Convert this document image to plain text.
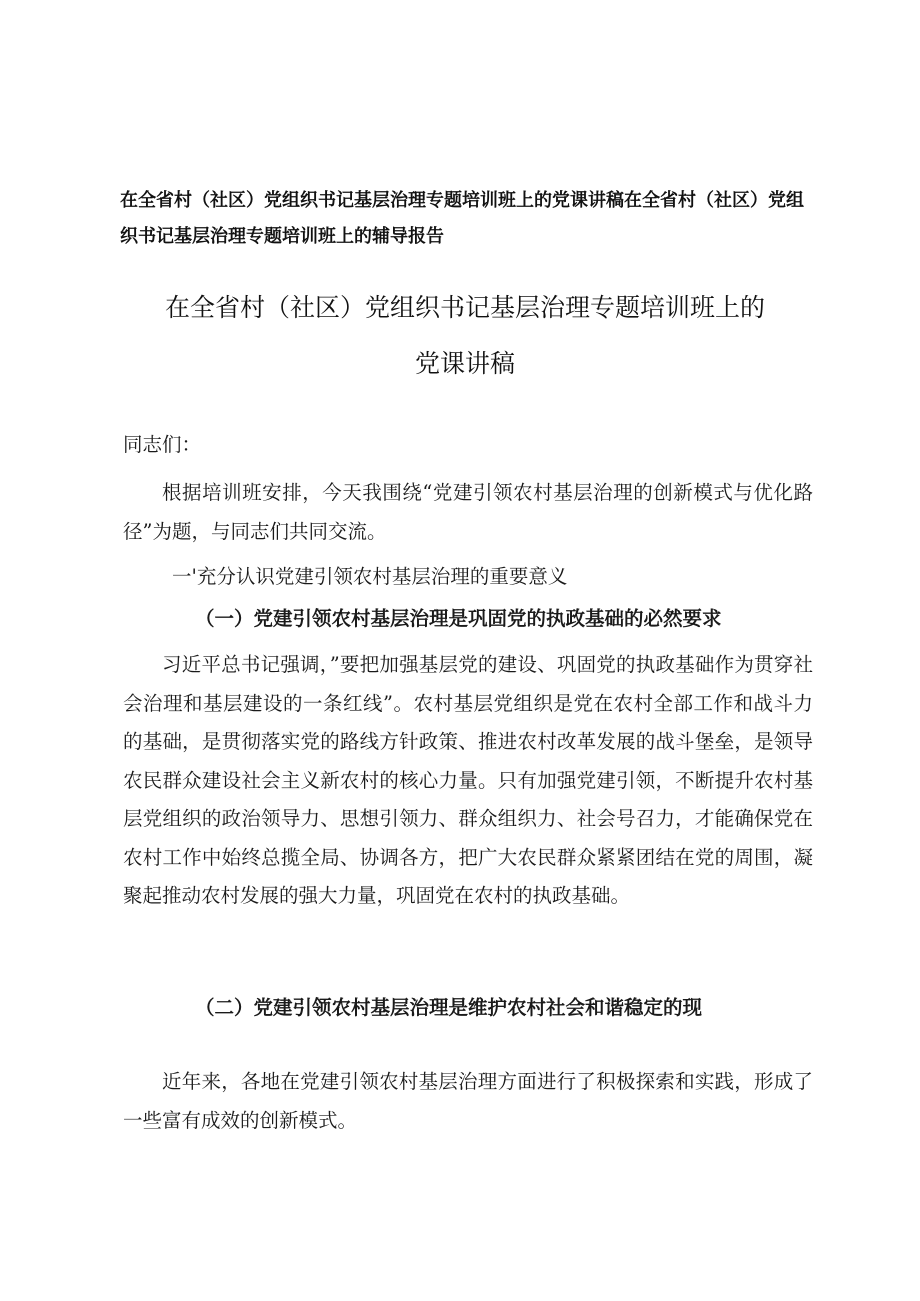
在全省村（社区）党组织书记基层治理专题培训班上的党课讲稿在全省村（社区）党组织书记基层治理专题培训班上的辅导报告
在全省村（社区）党组织书记基层治理专题培训班上的
党课讲稿
同志们：

根据培训班安排，今天我围绕“党建引领农村基层治理的创新模式与优化路径”为题，与同志们共同交流。

一'充分认识党建引领农村基层治理的重要意义
（一）党建引领农村基层治理是巩固党的执政基础的必然要求

习近平总书记强调，”要把加强基层党的建设、巩固党的执政基础作为贯穿社会治理和基层建设的一条红线”。农村基层党组织是党在农村全部工作和战斗力的基础，是贯彻落实党的路线方针政策、推进农村改革发展的战斗堡垒，是领导农民群众建设社会主义新农村的核心力量。只有加强党建引领，不断提升农村基层党组织的政治领导力、思想引领力、群众组织力、社会号召力，才能确保党在农村工作中始终总揽全局、协调各方，把广大农民群众紧紧团结在党的周围，凝聚起推动农村发展的强大力量，巩固党在农村的执政基础。

（二）党建引领农村基层治理是维护农村社会和谐稳定的现

近年来，各地在党建引领农村基层治理方面进行了积极探索和实践，形成了一些富有成效的创新模式。
